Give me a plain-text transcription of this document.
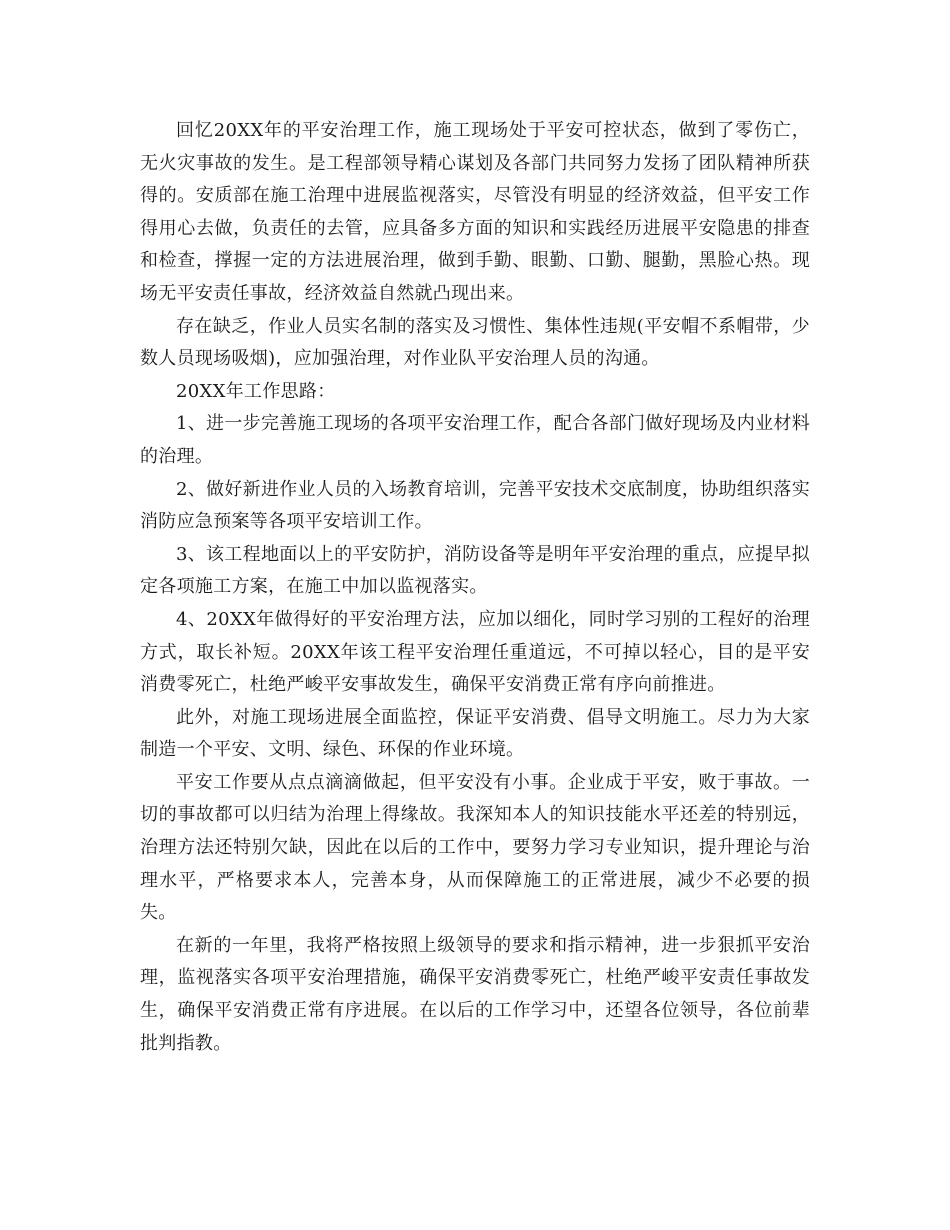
回忆20XX年的平安治理工作，施工现场处于平安可控状态，做到了零伤亡，无火灾事故的发生。是工程部领导精心谋划及各部门共同努力发扬了团队精神所获得的。安质部在施工治理中进展监视落实，尽管没有明显的经济效益，但平安工作得用心去做，负责任的去管，应具备多方面的知识和实践经历进展平安隐患的排查和检查，撑握一定的方法进展治理，做到手勤、眼勤、口勤、腿勤，黑脸心热。现场无平安责任事故，经济效益自然就凸现出来。

存在缺乏，作业人员实名制的落实及习惯性、集体性违规(平安帽不系帽带，少数人员现场吸烟)，应加强治理，对作业队平安治理人员的沟通。

20XX年工作思路：

1、进一步完善施工现场的各项平安治理工作，配合各部门做好现场及内业材料的治理。

2、做好新进作业人员的入场教育培训，完善平安技术交底制度，协助组织落实消防应急预案等各项平安培训工作。

3、该工程地面以上的平安防护，消防设备等是明年平安治理的重点，应提早拟定各项施工方案，在施工中加以监视落实。

4、20XX年做得好的平安治理方法，应加以细化，同时学习别的工程好的治理方式，取长补短。20XX年该工程平安治理任重道远，不可掉以轻心，目的是平安消费零死亡，杜绝严峻平安事故发生，确保平安消费正常有序向前推进。

此外，对施工现场进展全面监控，保证平安消费、倡导文明施工。尽力为大家制造一个平安、文明、绿色、环保的作业环境。

平安工作要从点点滴滴做起，但平安没有小事。企业成于平安，败于事故。一切的事故都可以归结为治理上得缘故。我深知本人的知识技能水平还差的特别远，治理方法还特别欠缺，因此在以后的工作中，要努力学习专业知识，提升理论与治理水平，严格要求本人，完善本身，从而保障施工的正常进展，减少不必要的损失。

在新的一年里，我将严格按照上级领导的要求和指示精神，进一步狠抓平安治理，监视落实各项平安治理措施，确保平安消费零死亡，杜绝严峻平安责任事故发生，确保平安消费正常有序进展。在以后的工作学习中，还望各位领导，各位前辈批判指教。
